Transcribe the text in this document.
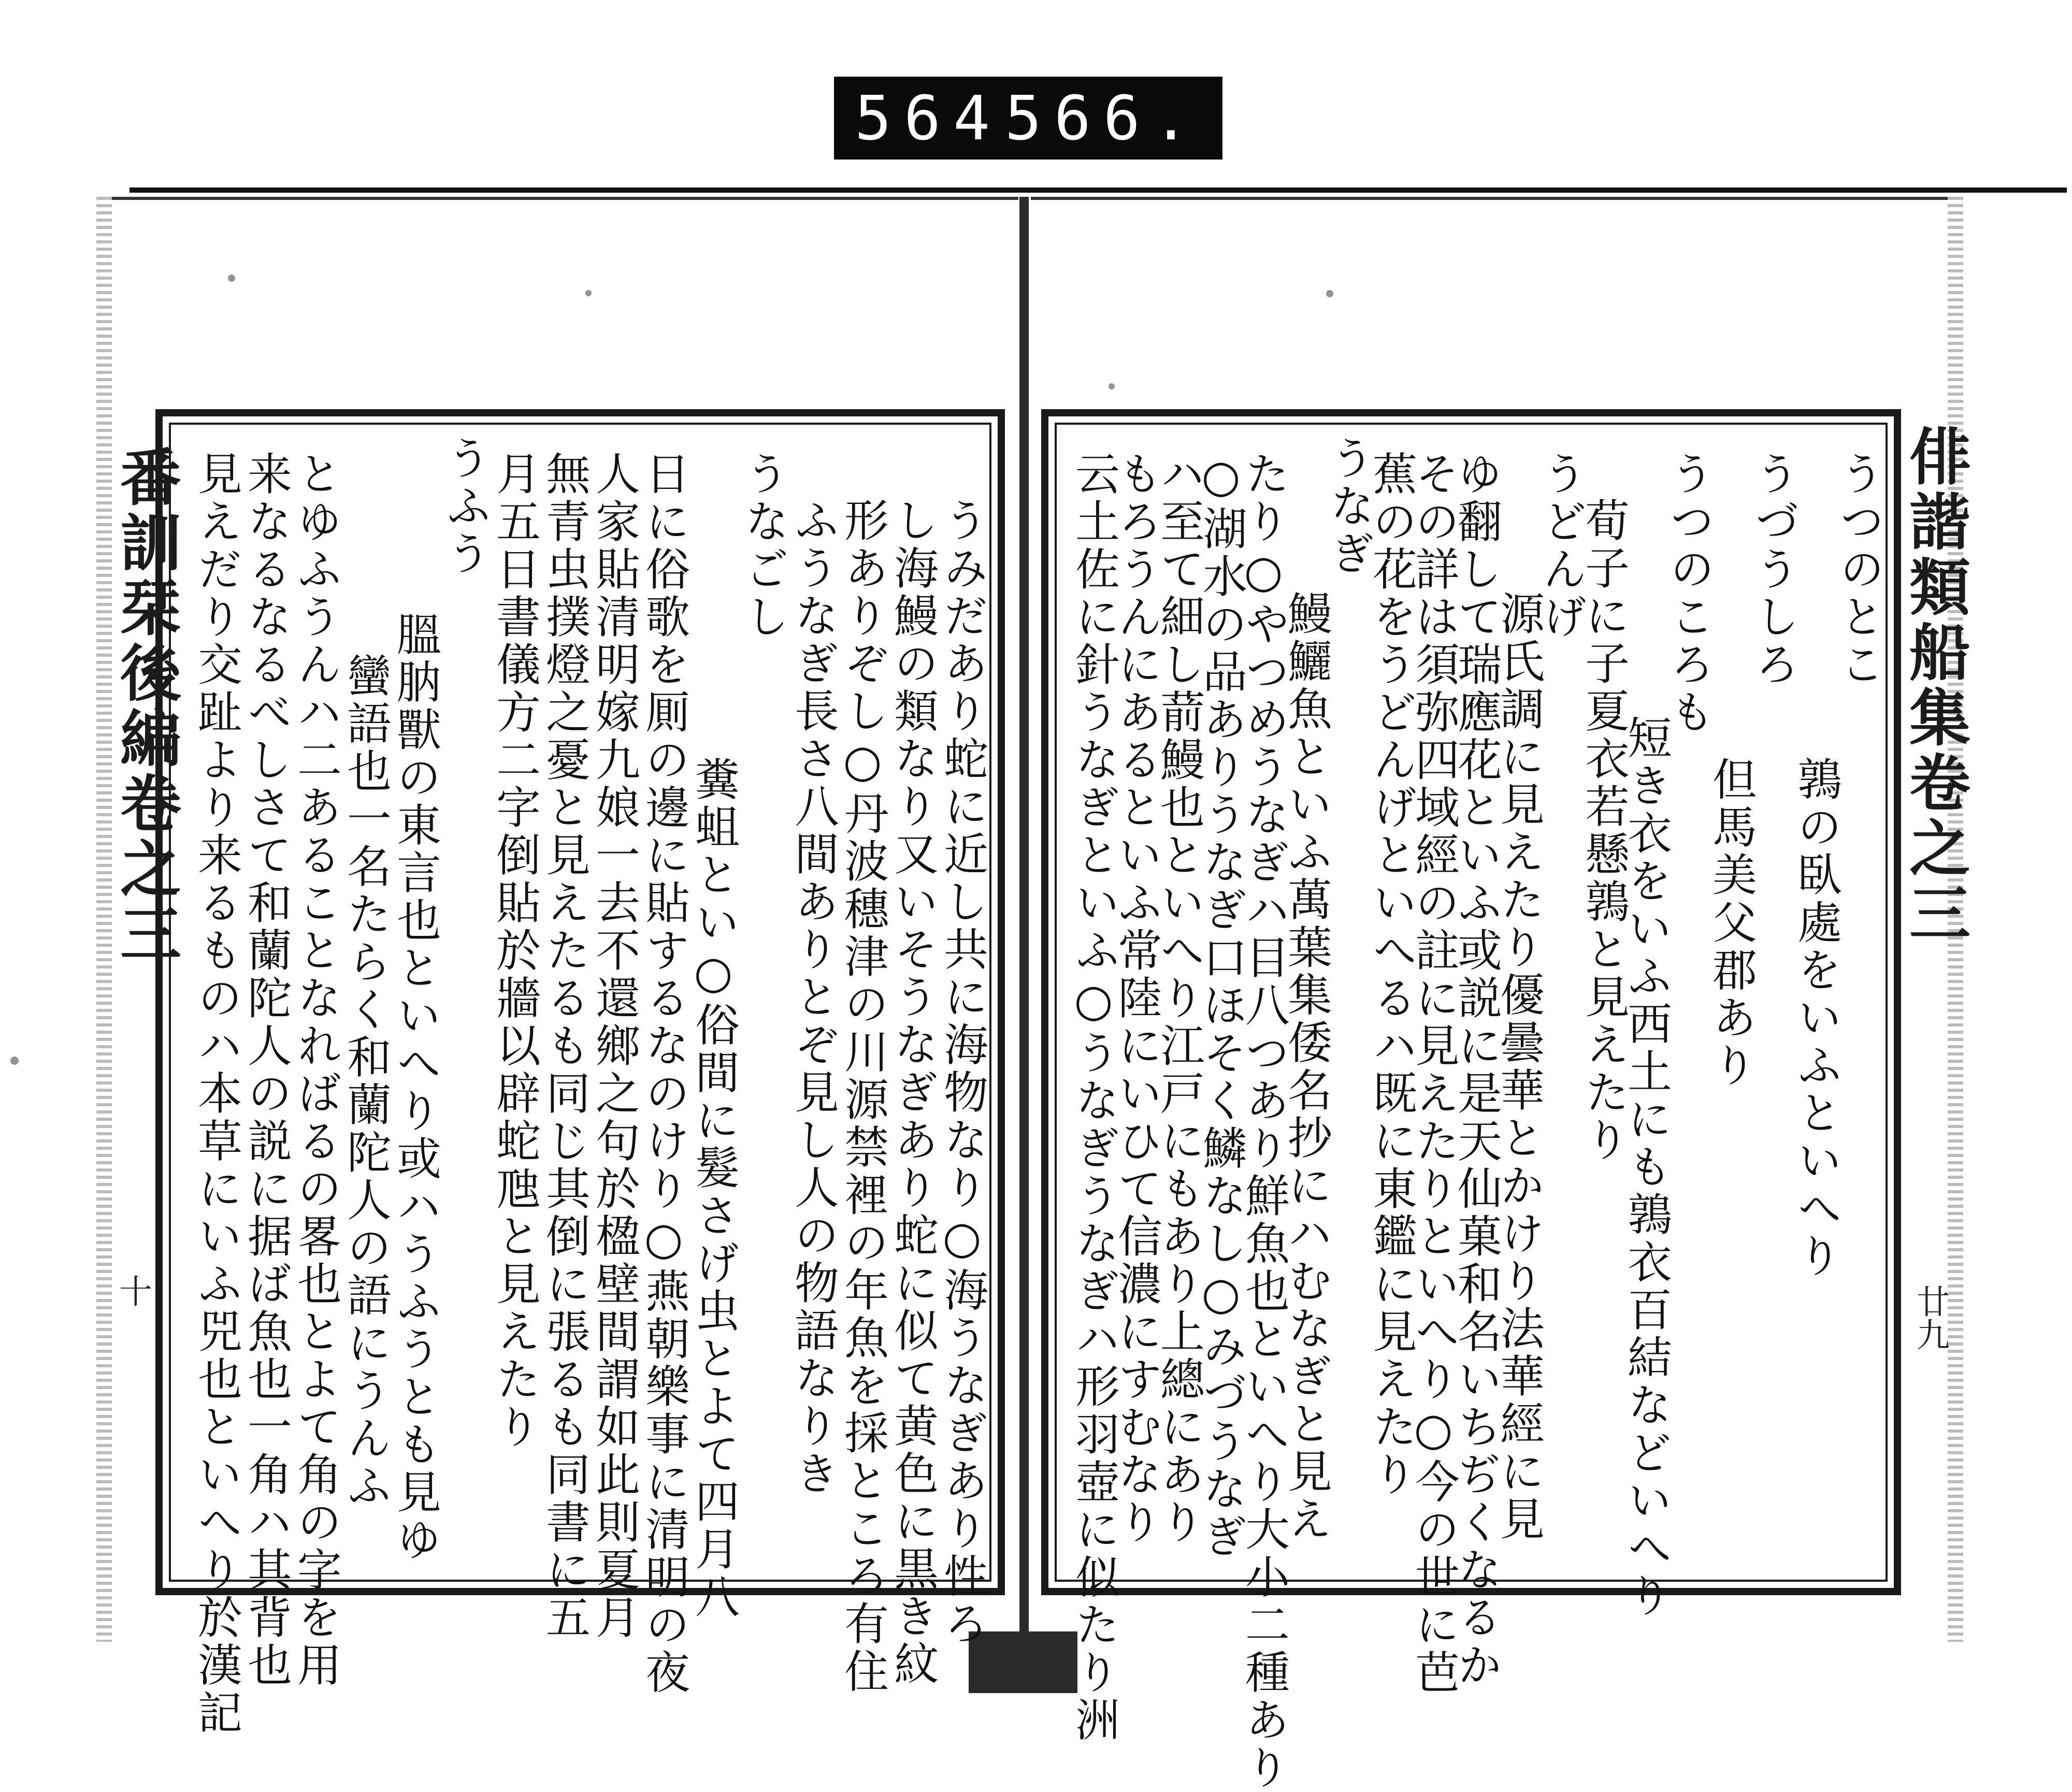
564 566.
番訓栞後編卷之三
十	うみだあり蛇に近し共に海物なり○海うなぎあり性ろ
し海鰻の類なり又いそうなぎあり蛇に似て黄色に黒き紋
形ありぞし○丹波穗津の川源禁裡の年魚を採ところ有住
ふうなぎ長さ八間ありとぞ見し人の物語なりき
うなごし
糞蛆とい○俗間に髮さげ虫とよて四月八
日に俗歌を厠の邊に貼するなのけり○燕朝樂事に清明の夜
人家貼清明嫁九娘一去不還鄉之句於楹壁間謂如此則夏月
無青虫撲燈之憂と見えたるも同じ其倒に張るも同書に五
月五日書儀方二字倒貼於牆以辟蛇虺と見えたり
うふう
膃肭獸の東言也といへり或ハうふうとも見ゆ
蠻語也一名たらく和蘭陀人の語にうんふ
とゆふうんハ二あることなればるの畧也とよて角の字を用
来なるなるべしさて和蘭陀人の説に据ば魚也一角ハ其背也
見えだり交趾より来るものハ本草にいふ兕也といへり於漢記	俳諧類船集卷之三
廿九
うつのとこ
鶉の臥處をいふといへり
うづうしろ
但馬美父郡あり
うつのころも
短き衣をいふ西土にも鶉衣百結などいへり
荀子に子夏衣若懸鶉と見えたり
うどんげ
源氏調に見えたり優曇華とかけり法華經に見
ゆ翻して瑞應花といふ或説に是天仙菓和名いちぢくなるか
その詳は須弥四域經の註に見えたりといへり○今の世に芭
蕉の花をうどんげといへるハ既に東鑑に見えたり
うなぎ
鰻鱺魚といふ萬葉集倭名抄にハむなぎと見え
たり○やつめうなぎハ目八つあり鮮魚也といへり大小二種あり
○湖水の品ありうなぎ口ほそく鱗なし○みづうなぎ
ハ至て細し葥鰻也といへり江戸にもあり上總にあり
もろうんにあるといふ常陸にいひて信濃にすむなり
云土佐に針うなぎといふ○うなぎうなぎハ形羽壺に似たり洲
